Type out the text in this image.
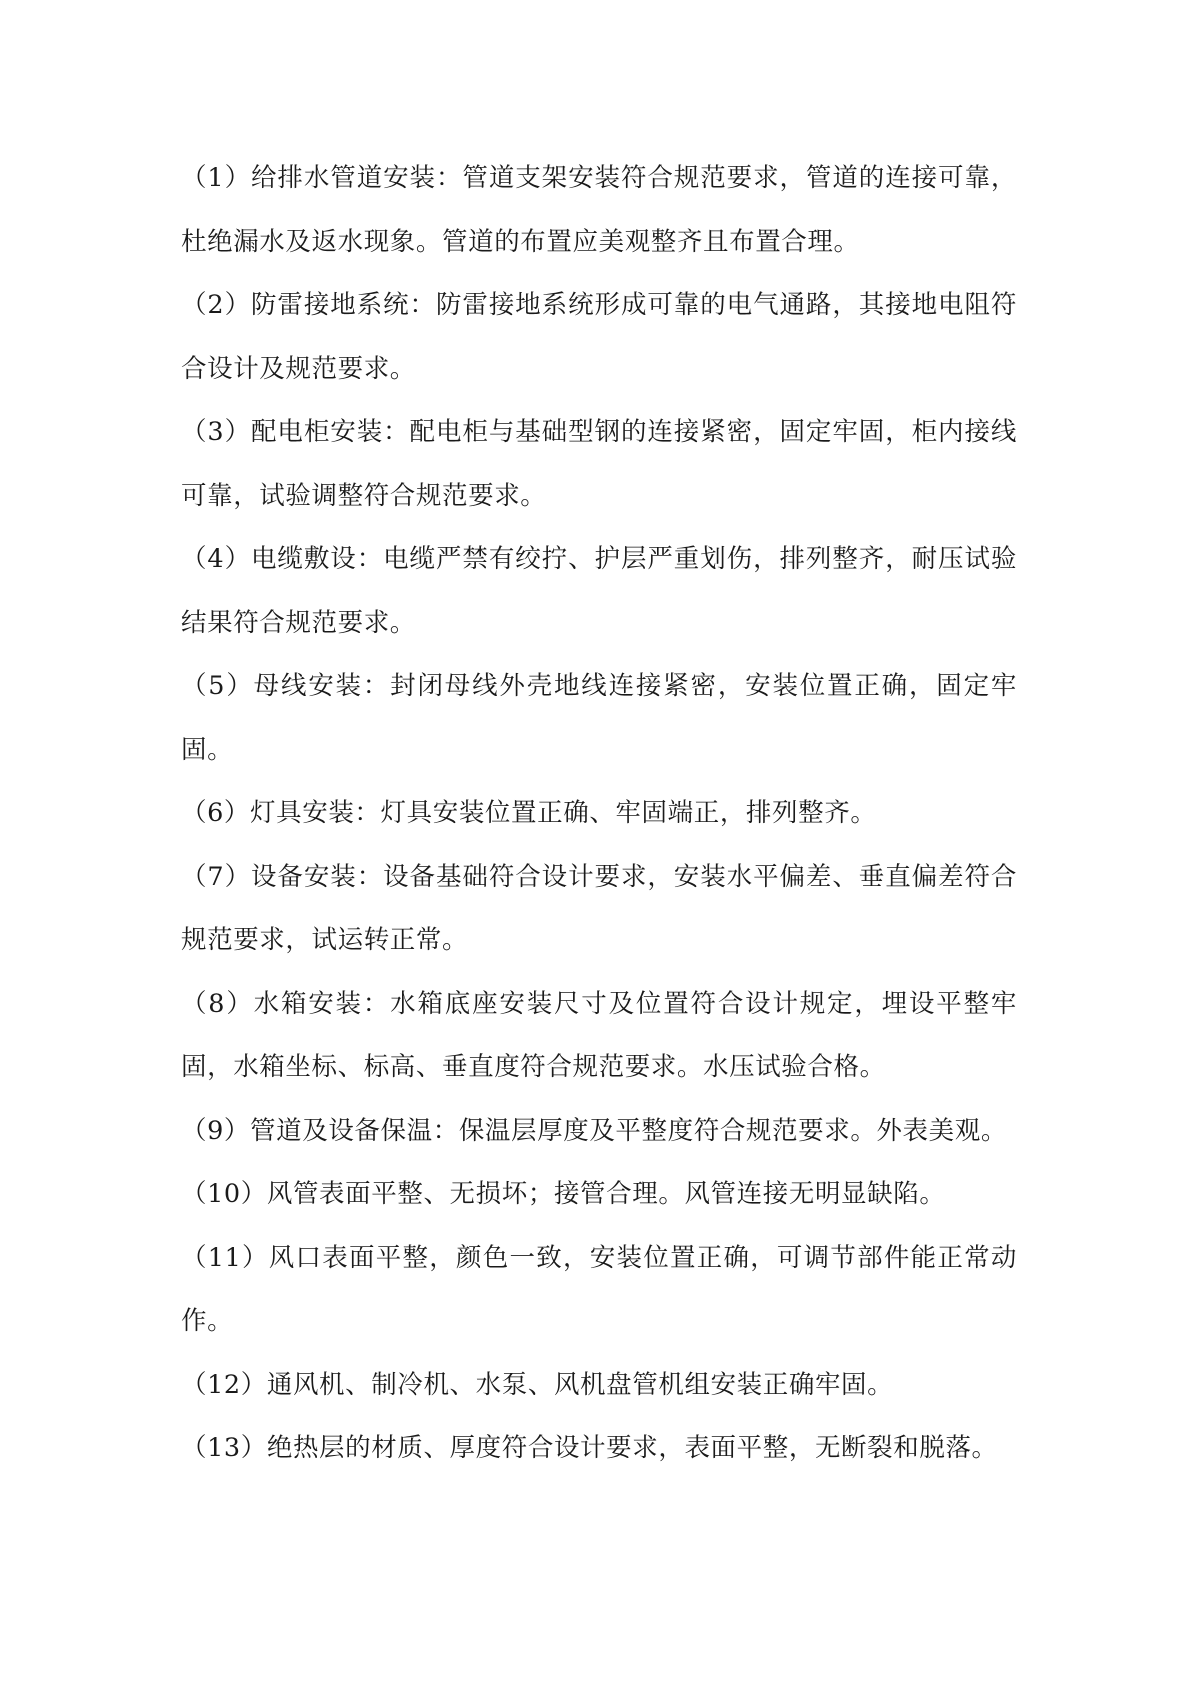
（1）给排水管道安装：管道支架安装符合规范要求，管道的连接可靠，杜绝漏水及返水现象。管道的布置应美观整齐且布置合理。

（2）防雷接地系统：防雷接地系统形成可靠的电气通路，其接地电阻符合设计及规范要求。

（3）配电柜安装：配电柜与基础型钢的连接紧密，固定牢固，柜内接线可靠，试验调整符合规范要求。

（4）电缆敷设：电缆严禁有绞拧、护层严重划伤，排列整齐，耐压试验结果符合规范要求。

（5）母线安装：封闭母线外壳地线连接紧密，安装位置正确，固定牢固。

（6）灯具安装：灯具安装位置正确、牢固端正，排列整齐。

（7）设备安装：设备基础符合设计要求，安装水平偏差、垂直偏差符合规范要求，试运转正常。

（8）水箱安装：水箱底座安装尺寸及位置符合设计规定，埋设平整牢固，水箱坐标、标高、垂直度符合规范要求。水压试验合格。

（9）管道及设备保温：保温层厚度及平整度符合规范要求。外表美观。

（10）风管表面平整、无损坏；接管合理。风管连接无明显缺陷。

（11）风口表面平整，颜色一致，安装位置正确，可调节部件能正常动作。

（12）通风机、制冷机、水泵、风机盘管机组安装正确牢固。

（13）绝热层的材质、厚度符合设计要求，表面平整，无断裂和脱落。
